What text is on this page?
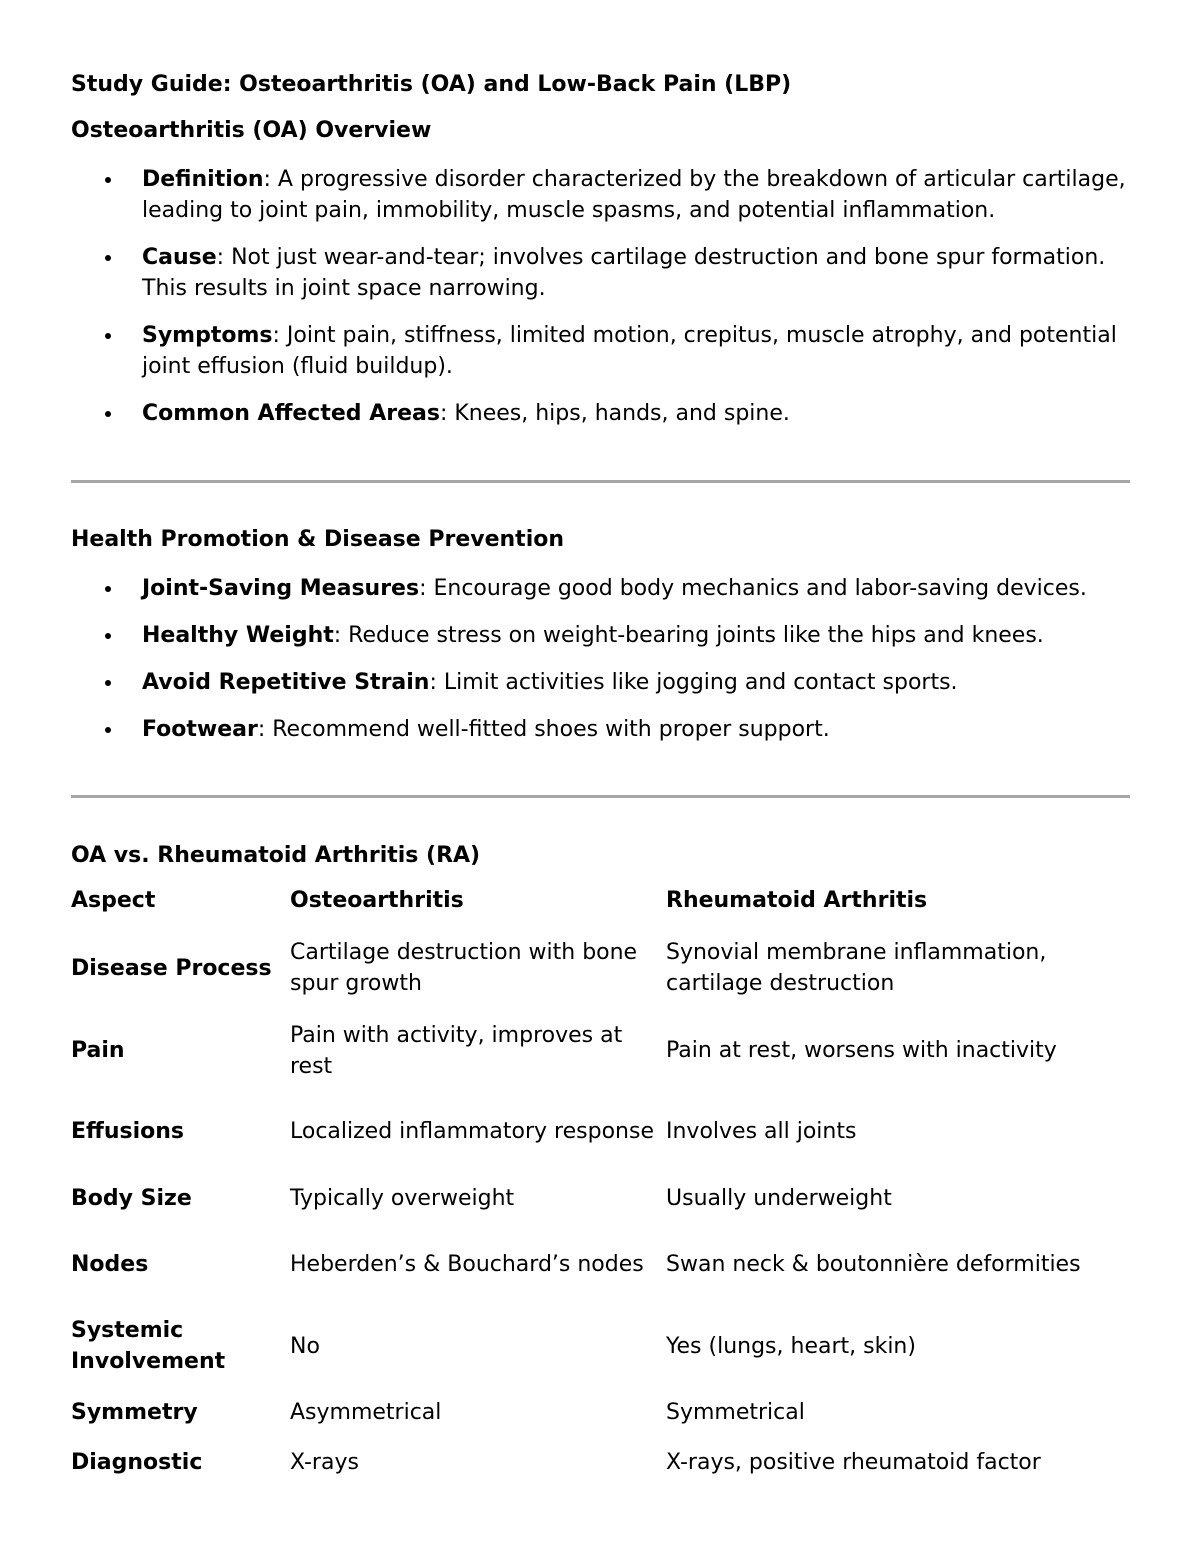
Study Guide: Osteoarthritis (OA) and Low-Back Pain (LBP)
Osteoarthritis (OA) Overview
Definition: A progressive disorder characterized by the breakdown of articular cartilage, leading to joint pain, immobility, muscle spasms, and potential inflammation.
Cause: Not just wear-and-tear; involves cartilage destruction and bone spur formation. This results in joint space narrowing.
Symptoms: Joint pain, stiffness, limited motion, crepitus, muscle atrophy, and potential joint effusion (fluid buildup).
Common Affected Areas: Knees, hips, hands, and spine.
Health Promotion & Disease Prevention
Joint-Saving Measures: Encourage good body mechanics and labor-saving devices.
Healthy Weight: Reduce stress on weight-bearing joints like the hips and knees.
Avoid Repetitive Strain: Limit activities like jogging and contact sports.
Footwear: Recommend well-fitted shoes with proper support.
OA vs. Rheumatoid Arthritis (RA)
Aspect	Osteoarthritis	Rheumatoid Arthritis
Disease Process	Cartilage destruction with bone spur growth	Synovial membrane inflammation, cartilage destruction
Pain	Pain with activity, improves at rest	Pain at rest, worsens with inactivity
Effusions	Localized inflammatory response	Involves all joints
Body Size	Typically overweight	Usually underweight
Nodes	Heberden’s & Bouchard’s nodes	Swan neck & boutonnière deformities
Systemic Involvement	No	Yes (lungs, heart, skin)
Symmetry	Asymmetrical	Symmetrical
Diagnostic	X-rays	X-rays, positive rheumatoid factor
